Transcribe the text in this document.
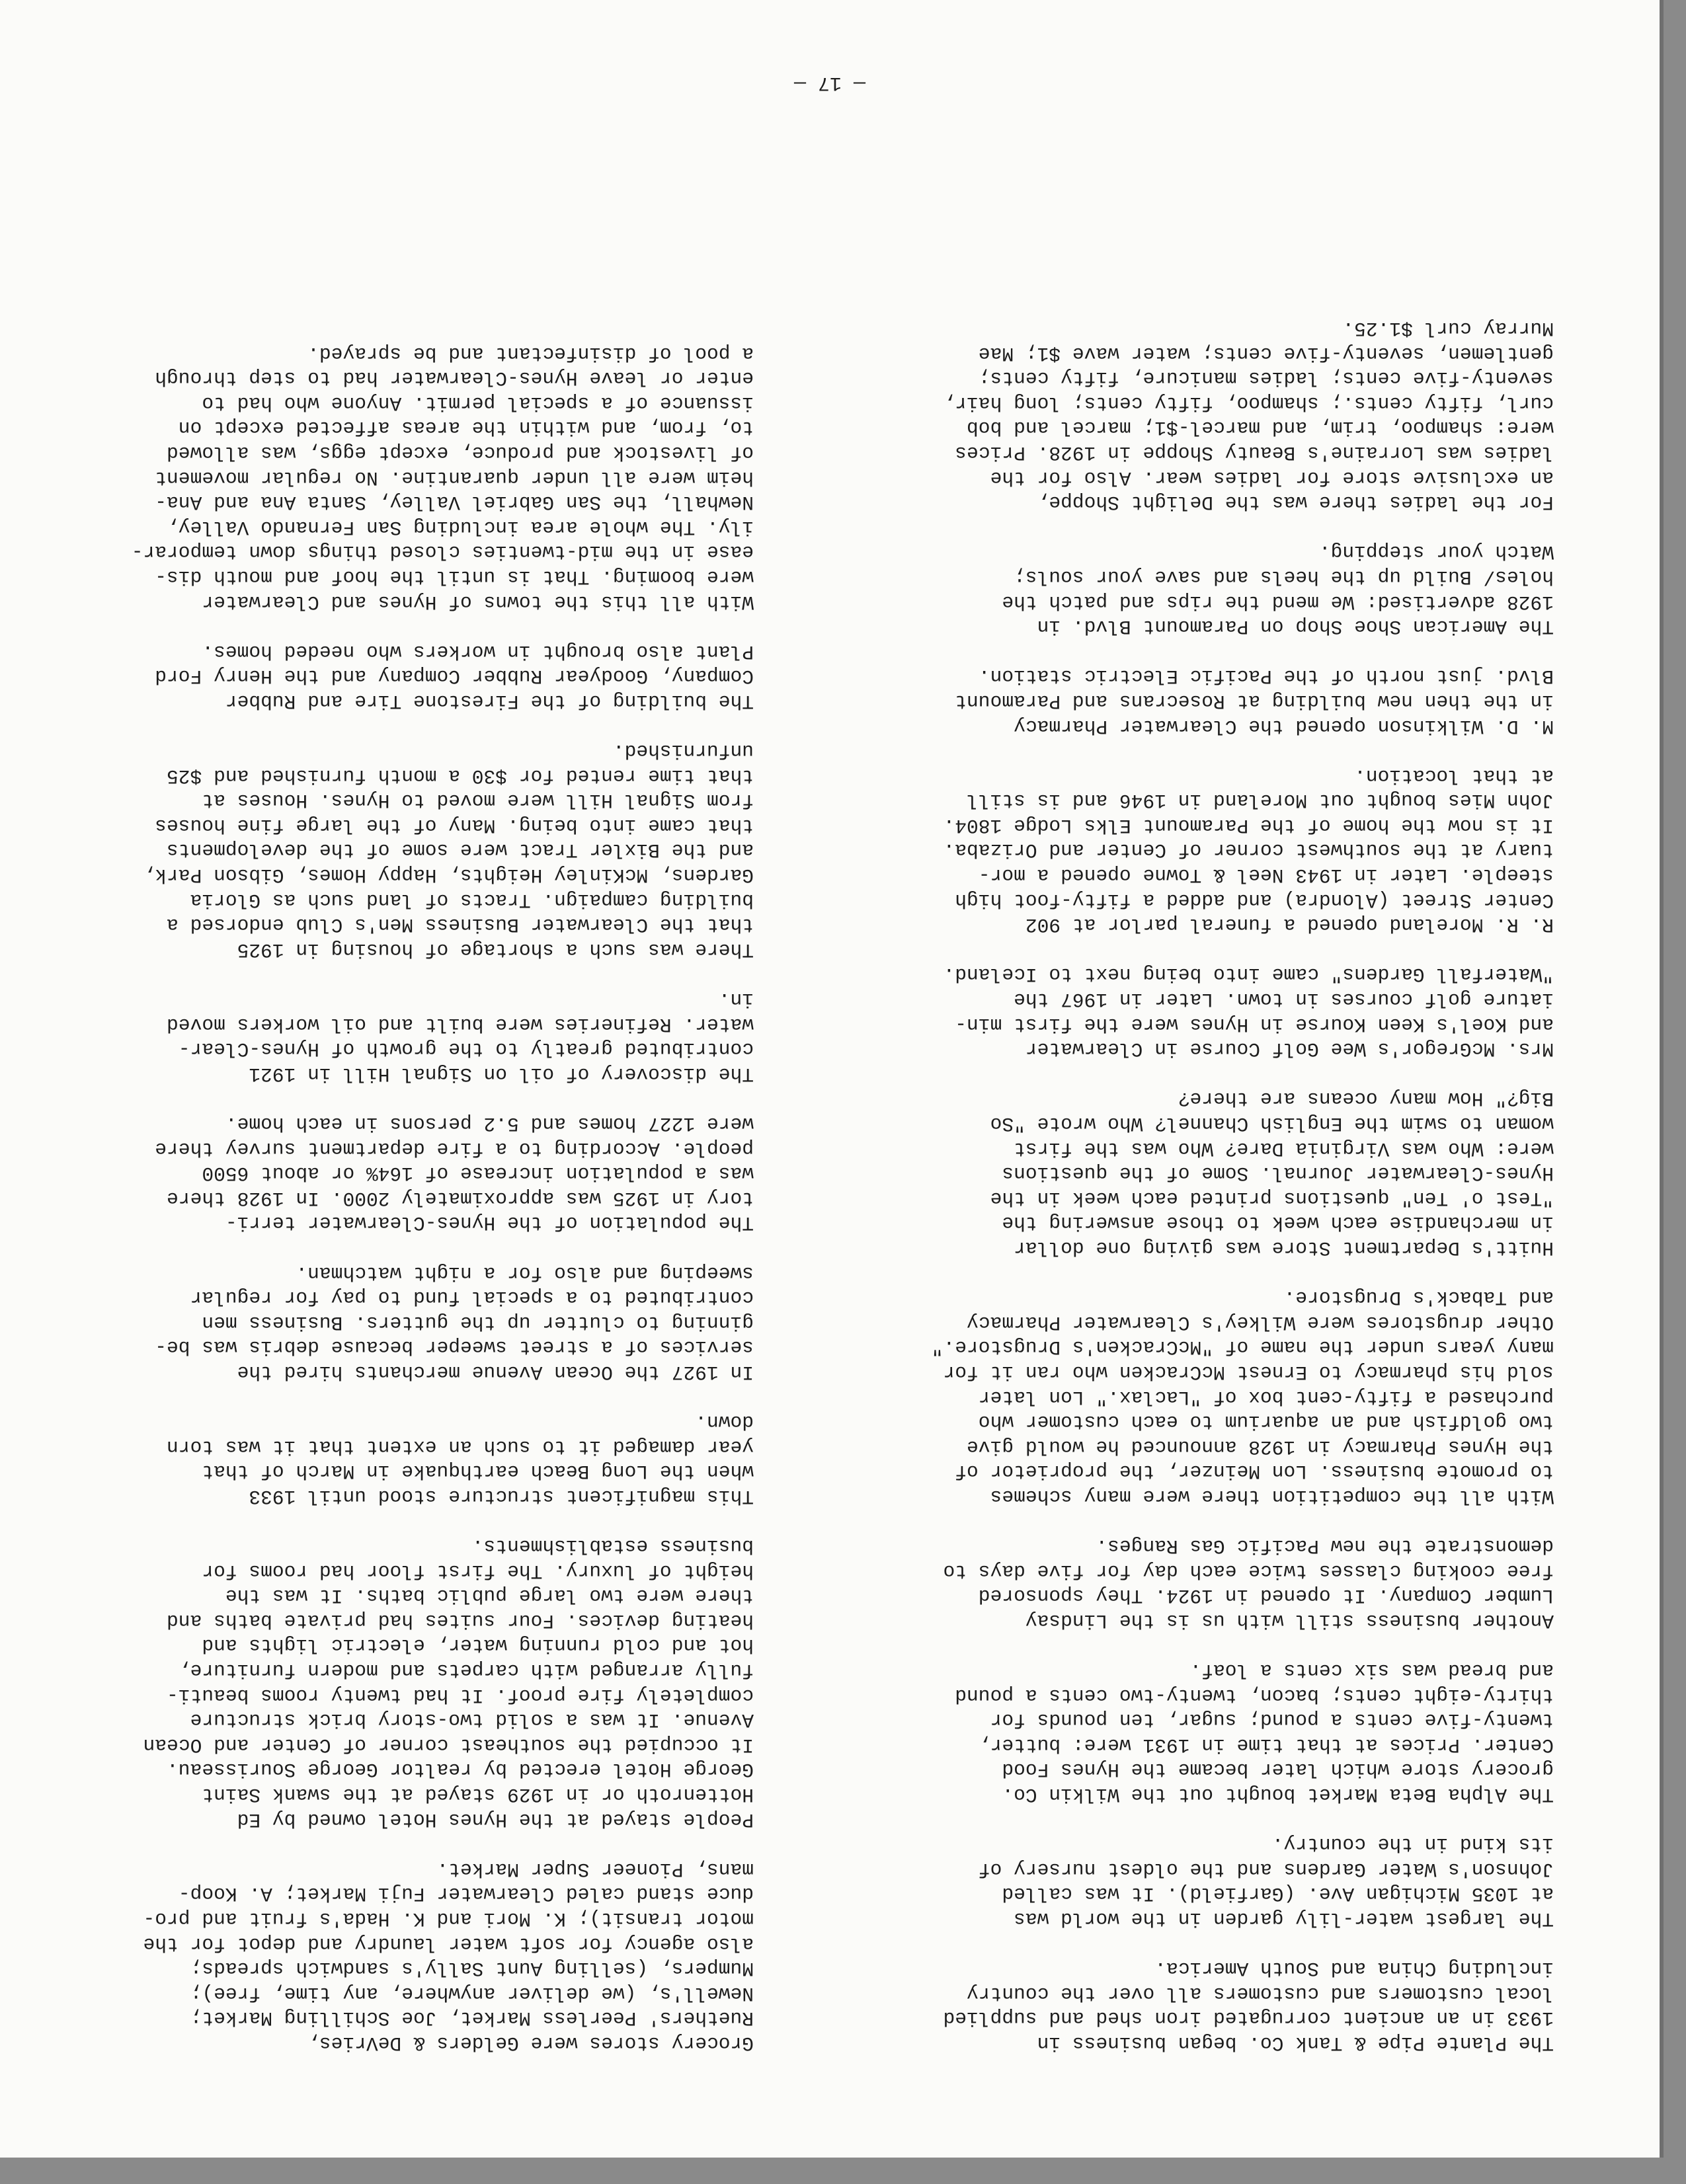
The Plante Pipe & Tank Co. began business in
1933 in an ancient corrugated iron shed and supplied
local customers and customers all over the country
including China and South America.

The largest water-lily garden in the world was
at 1035 Michigan Ave. (Garfield). It was called
Johnson's Water Gardens and the oldest nursery of
its kind in the country.

The Alpha Beta Market bought out the Wilkin Co.
grocery store which later became the Hynes Food
Center. Prices at that time in 1931 were: butter,
twenty-five cents a pound; sugar, ten pounds for
thirty-eight cents; bacon, twenty-two cents a pound
and bread was six cents a loaf.

Another business still with us is the Lindsay
Lumber Company. It opened in 1924. They sponsored
free cooking classes twice each day for five days to
demonstrate the new Pacific Gas Ranges.

With all the competition there were many schemes
to promote business. Lon Meinzer, the proprietor of
the Hynes Pharmacy in 1928 announced he would give
two goldfish and an aquarium to each customer who
purchased a fifty-cent box of "Laclax." Lon later
sold his pharmacy to Ernest McCracken who ran it for
many years under the name of "McCracken's Drugstore."
Other drugstores were Wilkey's Clearwater Pharmacy
and Taback's Drugstore.

Huitt's Department Store was giving one dollar
in merchandise each week to those answering the
"Test o' Ten" questions printed each week in the
Hynes-Clearwater Journal. Some of the questions
were: Who was Virginia Dare? Who was the first
woman to swim the English Channel? Who wrote "So
Big?" How many oceans are there?

Mrs. McGregor's Wee Golf Course in Clearwater
and Koel's Keen Kourse in Hynes were the first min-
iature golf courses in town. Later in 1967 the
"Waterfall Gardens" came into being next to Iceland.

R. R. Moreland opened a funeral parlor at 902
Center Street (Alondra) and added a fifty-foot high
steeple. Later in 1943 Neel & Towne opened a mor-
tuary at the southwest corner of Center and Orizaba.
It is now the home of the Paramount Elks Lodge 1804.
John Mies bought out Moreland in 1946 and is still
at that location.

M. D. Wilkinson opened the Clearwater Pharmacy
in the then new building at Rosecrans and Paramount
Blvd. just north of the Pacific Electric station.

The American Shoe Shop on Paramount Blvd. in
1928 advertised: We mend the rips and patch the
holes/ Build up the heels and save your souls;
Watch your stepping.

For the ladies there was the Delight Shoppe,
an exclusive store for ladies wear. Also for the
ladies was Lorraine's Beauty Shoppe in 1928. Prices
were: shampoo, trim, and marcel-$1; marcel and bob
curl, fifty cents.; shampoo, fifty cents; long hair,
seventy-five cents; ladies manicure, fifty cents;
gentlemen, seventy-five cents; water wave $1; Mae
Murray curl $1.25.

Grocery stores were Gelders & DeVries,
Ruethers' Peerless Market, Joe Schilling Market;
Newell's, (we deliver anywhere, any time, free);
Mumpers, (selling Aunt Sally's sandwich spreads;
also agency for soft water laundry and depot for the
motor transit); K. Mori and K. Hada's fruit and pro-
duce stand caled Clearwater Fuji Market; A. Koop-
mans, Pioneer Super Market.

People stayed at the Hynes Hotel owned by Ed
Hottenroth or in 1929 stayed at the swank Saint
George Hotel erected by realtor George Sourisseau.
It occupied the southeast corner of Center and Ocean
Avenue. It was a solid two-story brick structure
completely fire proof. It had twenty rooms beauti-
fully arranged with carpets and modern furniture,
hot and cold running water, electric lights and
heating devices. Four suites had private baths and
there were two large public baths. It was the
height of luxury. The first floor had rooms for
business establishments.

This magnificent structure stood until 1933
when the Long Beach earthquake in March of that
year damaged it to such an extent that it was torn
down.

In 1927 the Ocean Avenue merchants hired the
services of a street sweeper because debris was be-
ginning to clutter up the gutters. Business men
contributed to a special fund to pay for regular
sweeping and also for a night watchman.

The population of the Hynes-Clearwater terri-
tory in 1925 was approximately 2000. In 1928 there
was a population increase of 164% or about 6500
people. According to a fire department survey there
were 1227 homes and 5.2 persons in each home.

The discovery of oil on Signal Hill in 1921
contributed greatly to the growth of Hynes-Clear-
water. Refineries were built and oil workers moved
in.

There was such a shortage of housing in 1925
that the Clearwater Business Men's Club endorsed a
building campaign. Tracts of land such as Gloria
Gardens, McKinley Heights, Happy Homes, Gibson Park,
and the Bixler Tract were some of the developments
that came into being. Many of the large fine houses
from Signal Hill were moved to Hynes. Houses at
that time rented for $30 a month furnished and $25
unfurnished.

The building of the Firestone Tire and Rubber
Company, Goodyear Rubber Company and the Henry Ford
Plant also brought in workers who needed homes.

With all this the towns of Hynes and Clearwater
were booming. That is until the hoof and mouth dis-
ease in the mid-twenties closed things down temporar-
ily. The whole area including San Fernando Valley,
Newhall, the San Gabriel Valley, Santa Ana and Ana-
heim were all under quarantine. No regular movement
of livestock and produce, except eggs, was allowed
to, from, and within the areas affected except on
issuance of a special permit. Anyone who had to
enter or leave Hynes-Clearwater had to step through
a pool of disinfectant and be sprayed.

— 17 —
